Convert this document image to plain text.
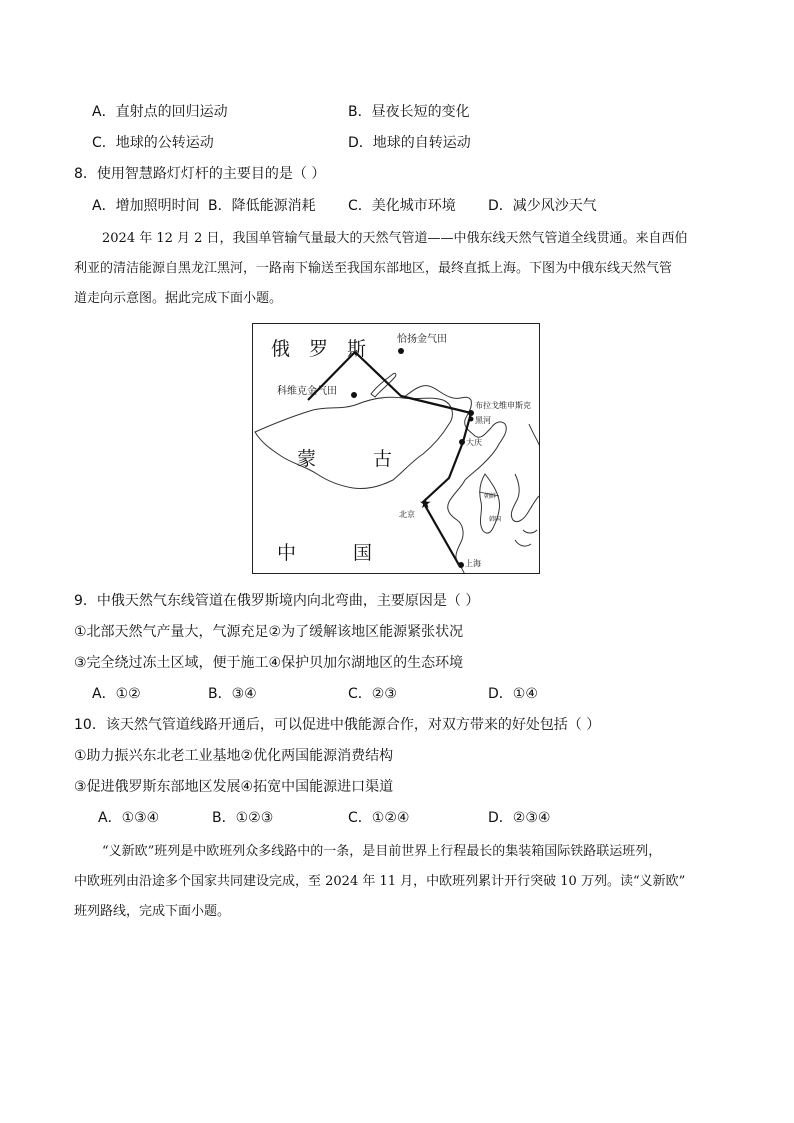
A．直射点的回归运动	B．昼夜长短的变化
C．地球的公转运动	D．地球的自转运动
8．使用智慧路灯灯杆的主要目的是（ ）
A．增加照明时间 B．降低能源消耗 C．美化城市环境 D．减少风沙天气
2024 年 12 月 2 日，我国单管输气量最大的天然气管道——中俄东线天然气管道全线贯通。来自西伯
利亚的清洁能源自黑龙江黑河，一路南下输送至我国东部地区，最终直抵上海。下图为中俄东线天然气管
道走向示意图。据此完成下面小题。
★
俄　罗　斯
蒙　　　古
中　　　国
恰扬金气田
科维克金气田
布拉戈维申斯克
黑河
大庆
北京
上海
朝鲜
韩国
9．中俄天然气东线管道在俄罗斯境内向北弯曲，主要原因是（ ）
①北部天然气产量大，气源充足②为了缓解该地区能源紧张状况
③完全绕过冻土区域，便于施工④保护贝加尔湖地区的生态环境
A．①②	B．③④	C．②③	D．①④
10．该天然气管道线路开通后，可以促进中俄能源合作，对双方带来的好处包括（ ）
①助力振兴东北老工业基地②优化两国能源消费结构
③促进俄罗斯东部地区发展④拓宽中国能源进口渠道
A．①③④	B．①②③	C．①②④	D．②③④
“义新欧”班列是中欧班列众多线路中的一条，是目前世界上行程最长的集装箱国际铁路联运班列，
中欧班列由沿途多个国家共同建设完成，至 2024 年 11 月，中欧班列累计开行突破 10 万列。读“义新欧”
班列路线，完成下面小题。
